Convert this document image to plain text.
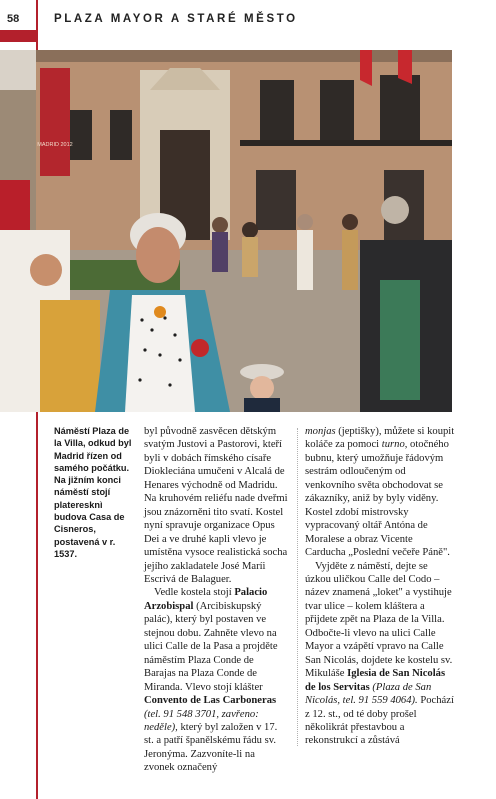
58	PLAZA MAYOR A STARÉ MĚSTO
MADRID 2012
Náměstí Plaza de la Villa, odkud byl Madrid řízen od samého počátku. Na jižním konci náměstí stojí plateresknì budova Casa de Cisneros, postavená v r. 1537.

byl původně zasvěcen dětským svatým Justovi a Pastorovi, kteří byli v dobách římského císaře Diokleciána umučeni v Alcalá de Henares východně od Madridu. Na kruhovém reliéfu nade dveřmi jsou znázorněni tito svatí. Kostel nyní spravuje organizace Opus Dei a ve druhé kapli vlevo je umístěna vysoce realistická socha jejího zakladatele José Maríi Escrivá de Balaguer.

Vedle kostela stojí Palacio Arzobispal (Arcibiskupský palác), který byl postaven ve stejnou dobu. Zahněte vlevo na ulici Calle de la Pasa a projděte náměstím Plaza Conde de Barajas na Plaza Conde de Miranda. Vlevo stojí klášter Convento de Las Carboneras (tel. 91 548 3701, zavřeno: neděle), který byl založen v 17. st. a patří španělskému řádu sv. Jeronýma. Zazvoníte-li na zvonek označený

monjas (jeptišky), můžete si koupit koláče za pomoci turno, otočného bubnu, který umožňuje řádovým sestrám odloučeným od venkovního světa obchodovat se zákazníky, aniž by byly viděny. Kostel zdobí mistrovsky vypracovaný oltář Antóna de Moralese a obraz Vicente Carducha „Poslední večeře Páně".

Vyjděte z náměstí, dejte se úzkou uličkou Calle del Codo – název znamená „loket" a vystihuje tvar ulice – kolem kláštera a přijdete zpět na Plaza de la Villa. Odbočte-li vlevo na ulici Calle Mayor a vzápětí vpravo na Calle San Nicolás, dojdete ke kostelu sv. Mikuláše Iglesia de San Nicolás de los Servitas (Plaza de San Nicolás, tel. 91 559 4064). Pochází z 12. st., od té doby prošel několikrát přestavbou a rekonstrukcí a zůstává
